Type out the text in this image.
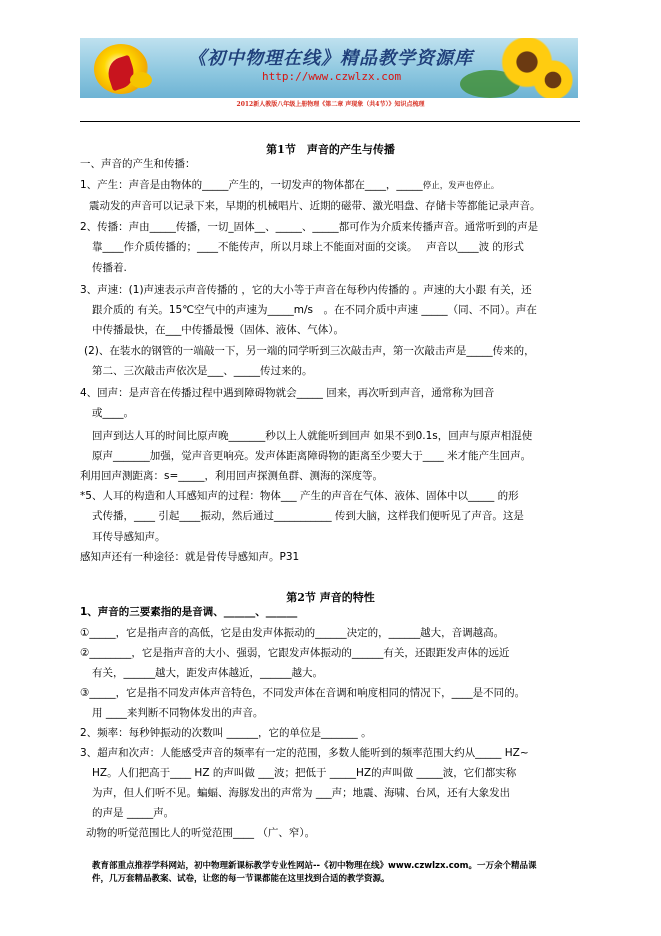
《初中物理在线》精品教学资源库
http://www.czwlzx.com
2012新人教版八年级上册物理《第二章 声现象（共4节）》知识点梳理
第1节　声音的产生与传播
一、声音的产生和传播：
1、产生：声音是由物体的_____产生的，一切发声的物体都在____，_____停止，发声也停止。
震动发的声音可以记录下来，早期的机械唱片、近期的磁带、激光唱盘、存储卡等都能记录声音。
2、传播：声由_____传播，一切_固体__、_____、_____都可作为介质来传播声音。通常听到的声是
靠____作介质传播的；____不能传声，所以月球上不能面对面的交谈。　 声音以____波 的形式
传播着.
3、声速：(1)声速表示声音传播的 ，它的大小等于声音在每秒内传播的 。声速的大小跟 有关，还
跟介质的 有关。15℃空气中的声速为_____m/s　。在不同介质中声速 _____（同、不同）。声在
中传播最快，在___中传播最慢（固体、液体、气体）。
(2)、在装水的钢管的一端敲一下，另一端的同学听到三次敲击声，第一次敲击声是_____传来的，
第二、三次敲击声依次是___、_____传过来的。
4、回声：是声音在传播过程中遇到障碍物就会_____ 回来，再次听到声音，通常称为回音
或____。
回声到达人耳的时间比原声晚_______秒以上人就能听到回声 如果不到0.1s，回声与原声相混使
原声_______加强，觉声音更响亮。发声体距离障碍物的距离至少要大于____ 米才能产生回声。
利用回声测距离：s=_____，利用回声探测鱼群、测海的深度等。
*5、人耳的构造和人耳感知声的过程：物体___ 产生的声音在气体、液体、固体中以_____ 的形
式传播，____ 引起____振动，然后通过___________ 传到大脑，这样我们便听见了声音。这是
耳传导感知声。
感知声还有一种途径：就是骨传导感知声。P31
第2节 声音的特性
1、声音的三要素指的是音调、______、______
①_____，它是指声音的高低，它是由发声体振动的______决定的，______越大，音调越高。
②________，它是指声音的大小、强弱，它跟发声体振动的______有关，还跟距发声体的远近
有关，______越大，距发声体越近，______越大。
③_____，它是指不同发声体声音特色，不同发声体在音调和响度相同的情况下，____是不同的。
用 ____来判断不同物体发出的声音。
2、频率：每秒钟振动的次数叫 ______，它的单位是_______ 。
3、超声和次声：人能感受声音的频率有一定的范围，多数人能听到的频率范围大约从_____ HZ~
HZ。人们把高于____ HZ 的声叫做 ___波；把低于 _____HZ的声叫做 _____波，它们都实称
为声，但人们听不见。蝙蝠、海豚发出的声常为 ___声；地震、海啸、台风，还有大象发出
的声是 _____声。
动物的听觉范围比人的听觉范围____ （广、窄）。
教育部重点推荐学科网站，初中物理新课标教学专业性网站--《初中物理在线》www.czwlzx.com。一万余个精品课
件，几万套精品教案、试卷，让您的每一节课都能在这里找到合适的教学资源。
